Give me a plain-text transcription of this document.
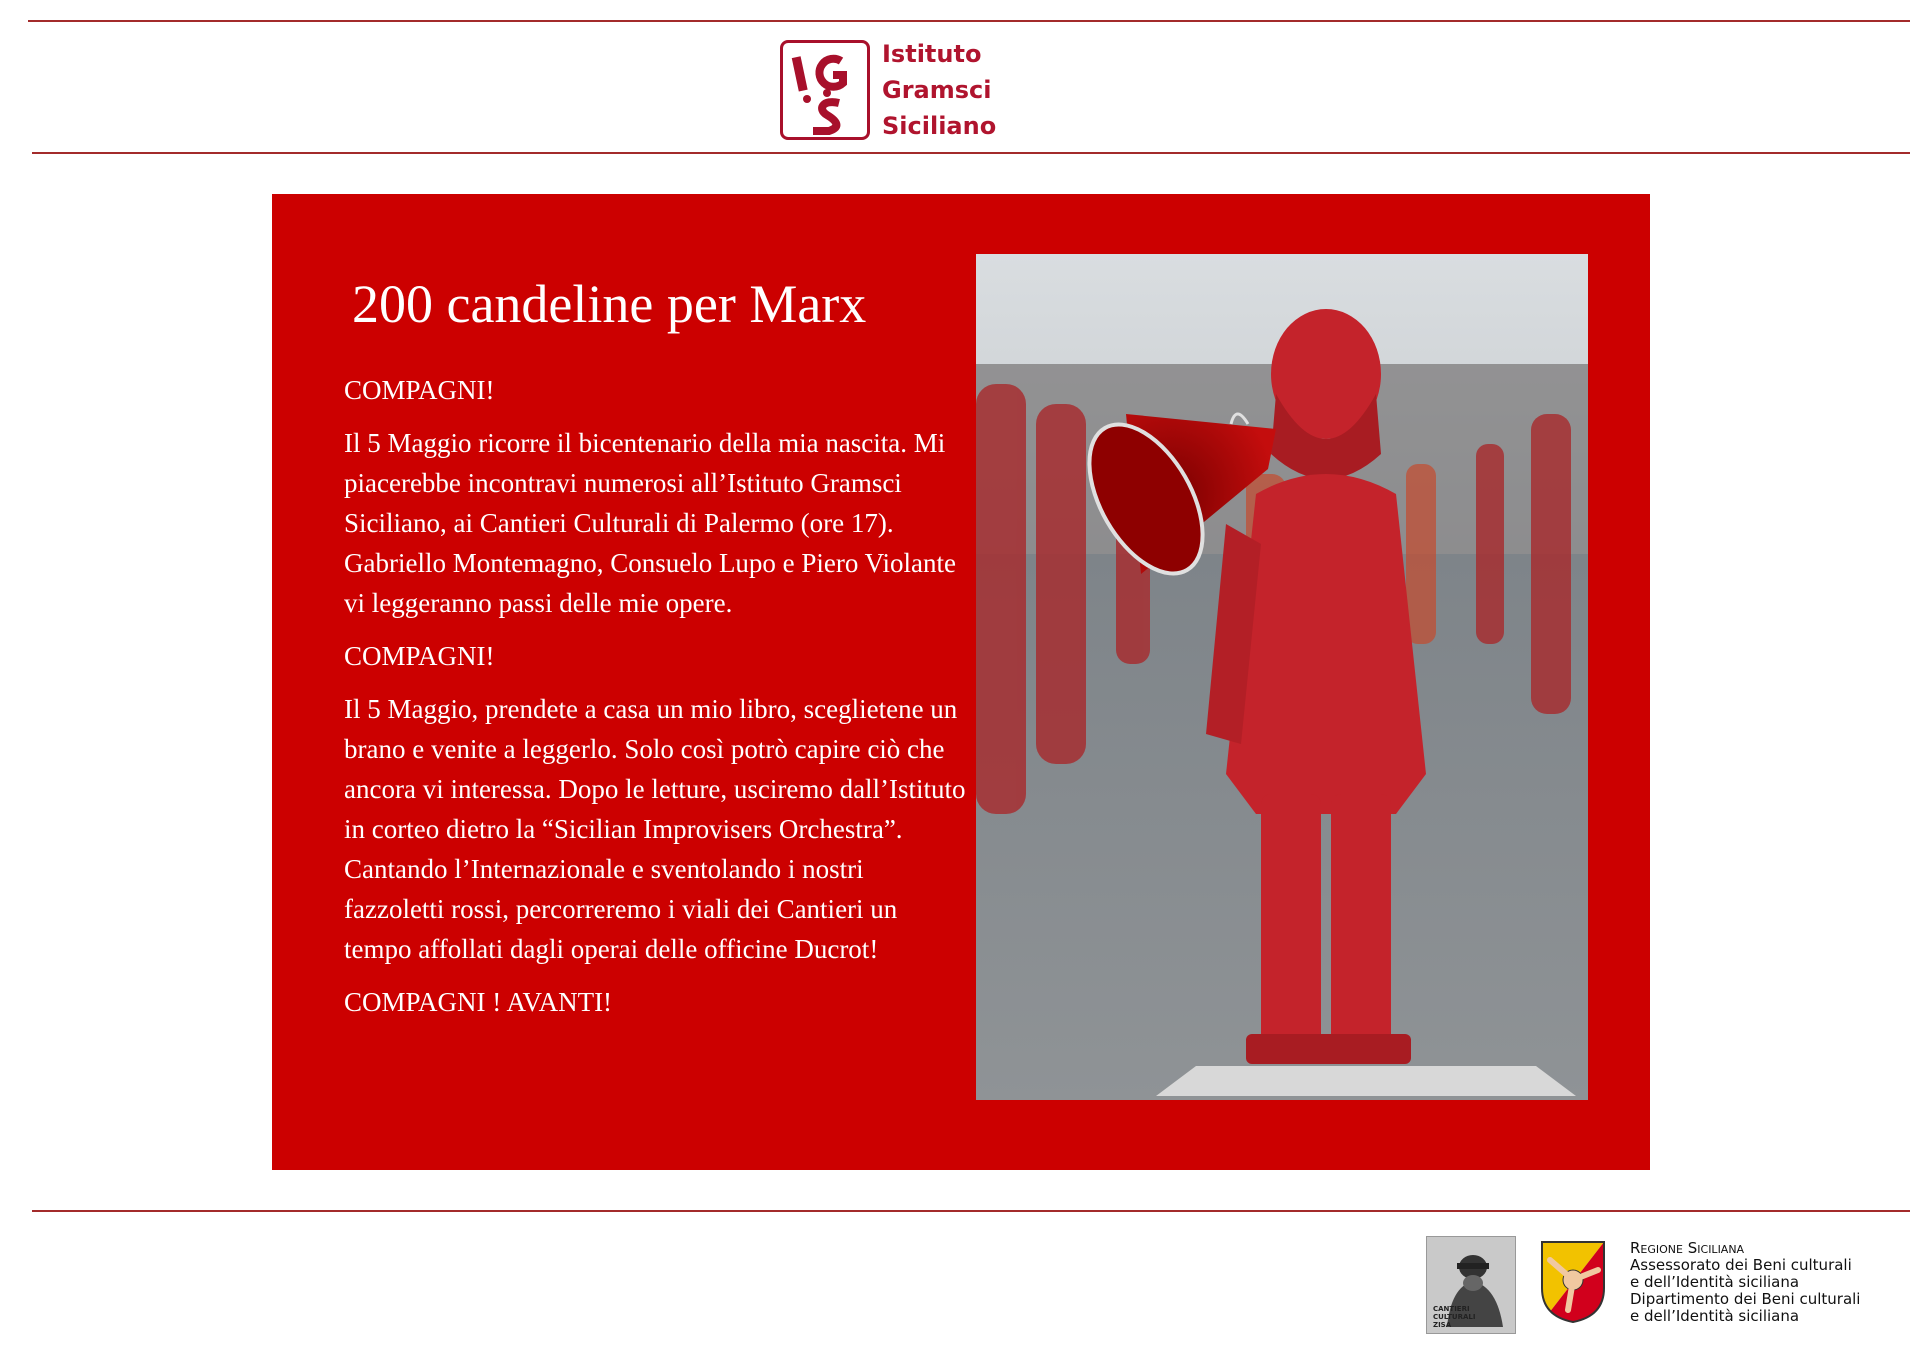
Istituto
Gramsci
Siciliano
200 candeline per Marx

COMPAGNI!

Il 5 Maggio ricorre il bicentenario della mia nascita. Mi piacerebbe incontravi numerosi all’Istituto Gramsci Siciliano, ai Cantieri Culturali di Palermo (ore 17). Gabriello Montemagno, Consuelo Lupo e Piero Violante vi leggeranno passi delle mie opere.

COMPAGNI!

Il 5 Maggio, prendete a casa un mio libro, sceglietene un brano e venite a leggerlo. Solo così potrò capire ciò che ancora vi interessa. Dopo le letture, usciremo dall’Istituto in corteo dietro la “Sicilian Improvisers Orchestra”. Cantando l’Internazionale e sventolando i nostri fazzoletti rossi, percorreremo i viali dei Cantieri un tempo affollati dagli operai delle officine Ducrot!

COMPAGNI ! AVANTI!

CANTIERI
CULTURALI
ZISA
Regione Siciliana
Assessorato dei Beni culturali
e dell’Identità siciliana
Dipartimento dei Beni culturali
e dell’Identità siciliana
